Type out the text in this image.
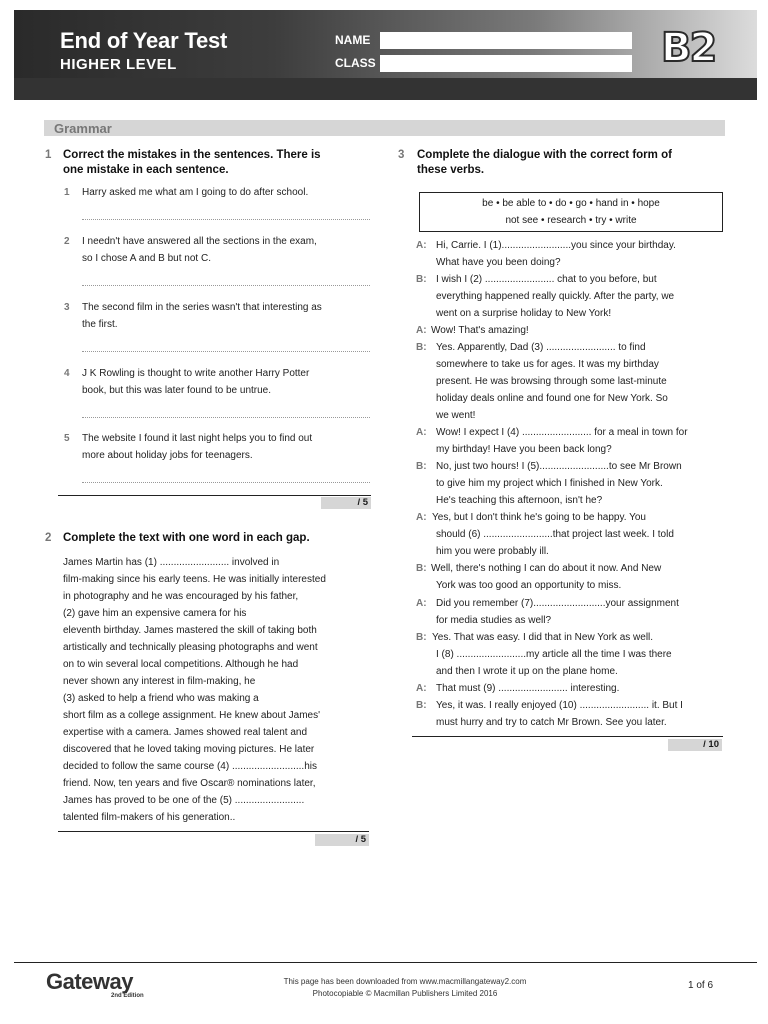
End of Year Test
HIGHER LEVEL
NAME
CLASS	B2
Grammar
1 Correct the mistakes in the sentences. There is
one mistake in each sentence.
1 Harry asked me what am I going to do after school.
2 I needn't have answered all the sections in the exam,
so I chose A and B but not C.
3 The second film in the series wasn't that interesting as
the first.
4 J K Rowling is thought to write another Harry Potter
book, but this was later found to be untrue.
5 The website I found it last night helps you to find out
more about holiday jobs for teenagers.
/ 5
2 Complete the text with one word in each gap.
James Martin has (1) ......................... involved in
film-making since his early teens. He was initially interested
in photography and he was encouraged by his father,
(2) gave him an expensive camera for his
eleventh birthday. James mastered the skill of taking both
artistically and technically pleasing photographs and went
on to win several local competitions. Although he had
never shown any interest in film-making, he
(3) asked to help a friend who was making a
short film as a college assignment. He knew about James'
expertise with a camera. James showed real talent and
discovered that he loved taking moving pictures. He later
decided to follow the same course (4) ..........................his
friend. Now, ten years and five Oscar® nominations later,
James has proved to be one of the (5) .........................
talented film-makers of his generation..
/ 5
3 Complete the dialogue with the correct form of
these verbs.
be • be able to • do • go • hand in • hope
not see • research • try • write
A: Hi, Carrie. I (1).........................you since your birthday.
What have you been doing?
B: I wish I (2) ......................... chat to you before, but
everything happened really quickly. After the party, we
went on a surprise holiday to New York!
A: Wow! That's amazing!
B: Yes. Apparently, Dad (3) ......................... to find
somewhere to take us for ages. It was my birthday
present. He was browsing through some last-minute
holiday deals online and found one for New York. So
we went!
A: Wow! I expect I (4) ......................... for a meal in town for
my birthday! Have you been back long?
B: No, just two hours! I (5).........................to see Mr Brown
to give him my project which I finished in New York.
He's teaching this afternoon, isn't he?
A: Yes, but I don't think he's going to be happy. You
should (6) .........................that project last week. I told
him you were probably ill.
B: Well, there's nothing I can do about it now. And New
York was too good an opportunity to miss.
A: Did you remember (7)..........................your assignment
for media studies as well?
B: Yes. That was easy. I did that in New York as well.
I (8) .........................my article all the time I was there
and then I wrote it up on the plane home.
A: That must (9) ......................... interesting.
B: Yes, it was. I really enjoyed (10) ......................... it. But I
must hurry and try to catch Mr Brown. See you later.
/ 10
Gateway
2nd Edition
This page has been downloaded from www.macmillangateway2.com
Photocopiable © Macmillan Publishers Limited 2016
1 of 6
